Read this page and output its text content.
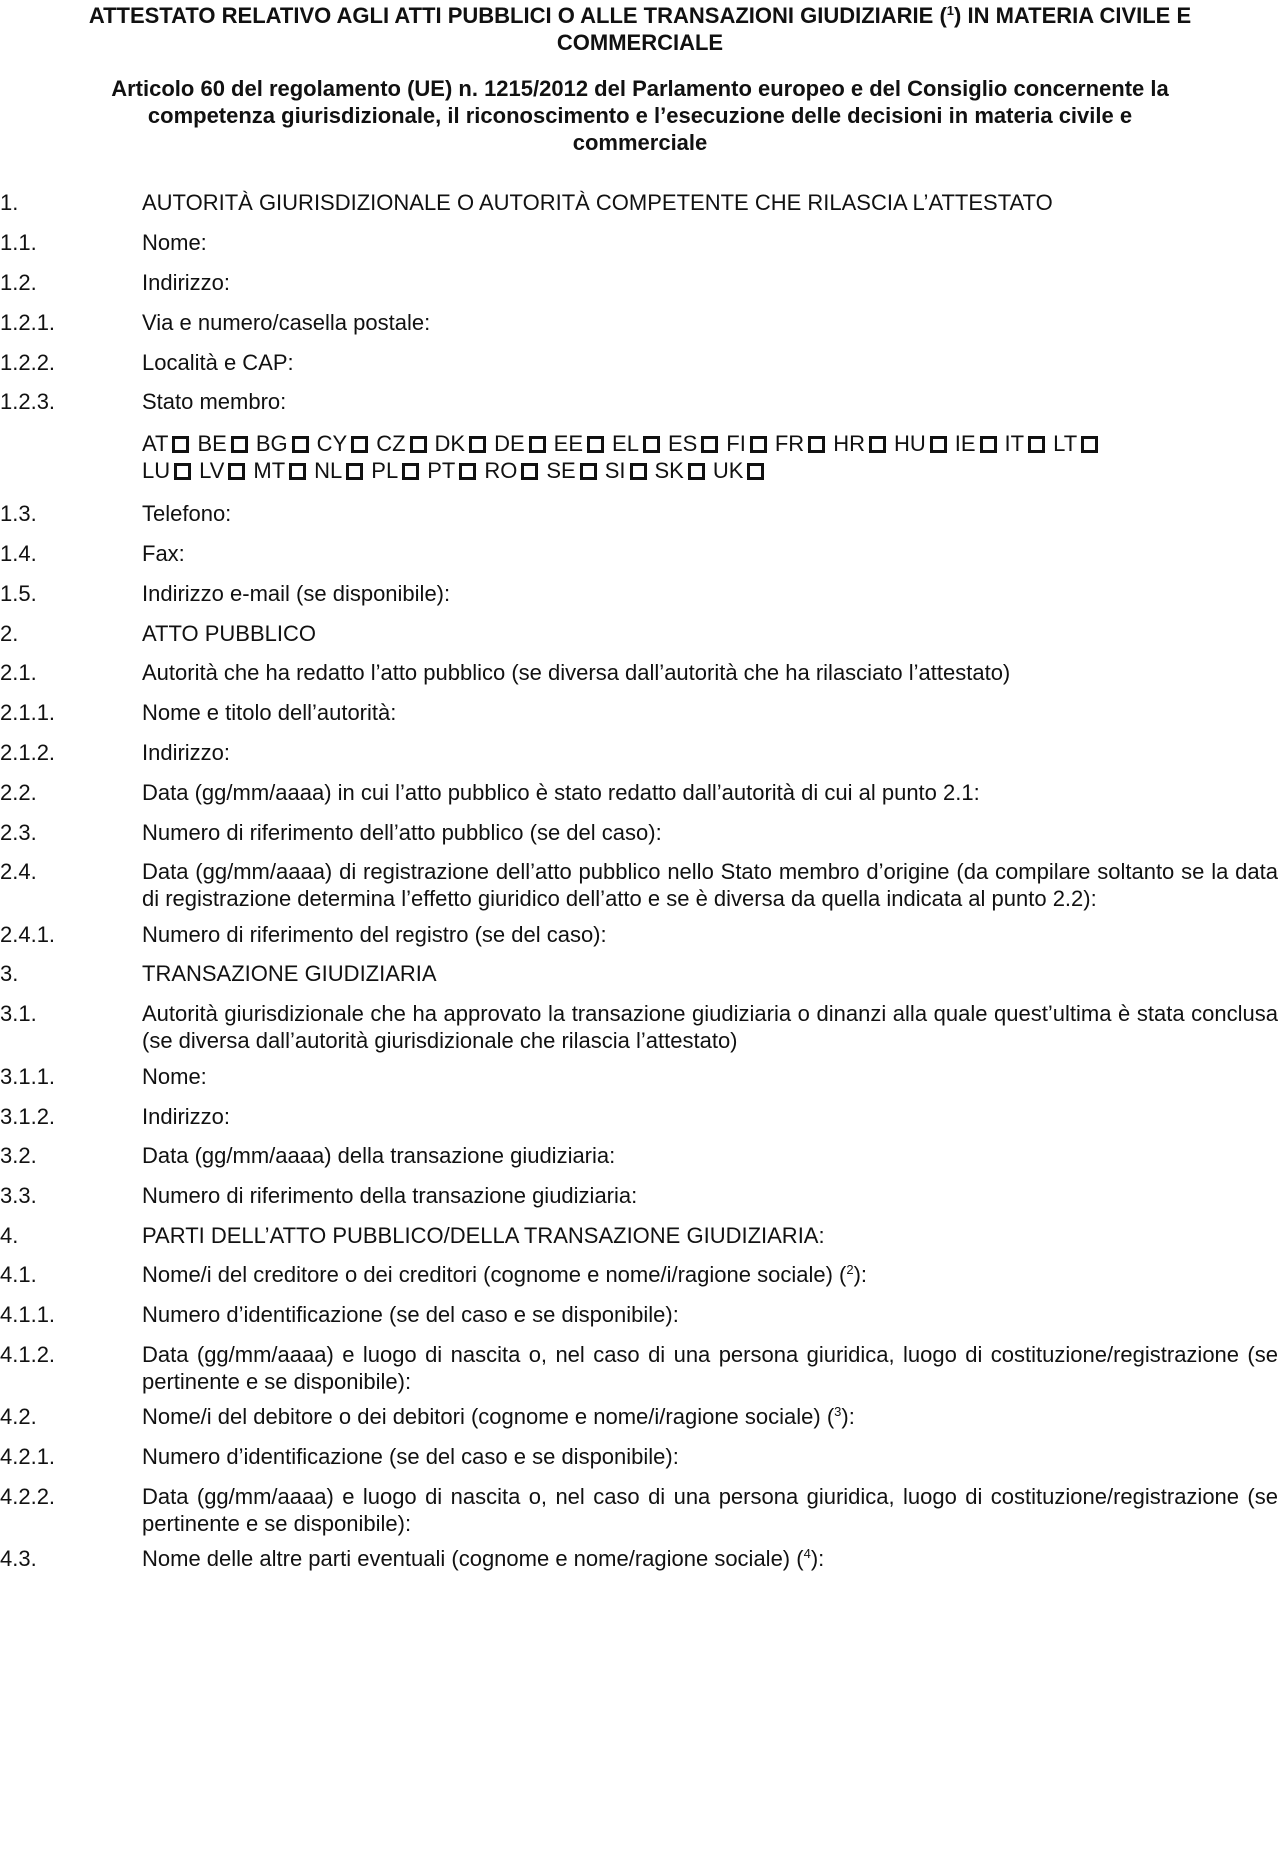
ATTESTATO RELATIVO AGLI ATTI PUBBLICI O ALLE TRANSAZIONI GIUDIZIARIE ($^1$) IN MATERIA CIVILE E COMMERCIALE
Articolo 60 del regolamento (UE) n. 1215/2012 del Parlamento europeo e del Consiglio concernente la competenza giurisdizionale, il riconoscimento e l’esecuzione delle decisioni in materia civile e commerciale
1.	AUTORITÀ GIURISDIZIONALE O AUTORITÀ COMPETENTE CHE RILASCIA L’ATTESTATO
1.1.	Nome:
1.2.	Indirizzo:
1.2.1.	Via e numero/casella postale:
1.2.2.	Località e CAP:
1.2.3.	Stato membro:
1.3.	Telefono:
1.4.	Fax:
1.5.	Indirizzo e-mail (se disponibile):
2.	ATTO PUBBLICO
2.1.	Autorità che ha redatto l’atto pubblico (se diversa dall’autorità che ha rilasciato l’attestato)
2.1.1.	Nome e titolo dell’autorità:
2.1.2.	Indirizzo:
2.2.	Data (gg/mm/aaaa) in cui l’atto pubblico è stato redatto dall’autorità di cui al punto 2.1:
2.3.	Numero di riferimento dell’atto pubblico (se del caso):
2.4.	Data (gg/mm/aaaa) di registrazione dell’atto pubblico nello Stato membro d’origine (da compilare soltanto se la data di registrazione determina l’effetto giuridico dell’atto e se è diversa da quella indicata al punto 2.2):
2.4.1.	Numero di riferimento del registro (se del caso):
3.	TRANSAZIONE GIUDIZIARIA
3.1.	Autorità giurisdizionale che ha approvato la transazione giudiziaria o dinanzi alla quale quest’ultima è stata conclusa (se diversa dall’autorità giurisdizionale che rilascia l’attestato)
3.1.1.	Nome:
3.1.2.	Indirizzo:
3.2.	Data (gg/mm/aaaa) della transazione giudiziaria:
3.3.	Numero di riferimento della transazione giudiziaria:
4.	PARTI DELL’ATTO PUBBLICO/DELLA TRANSAZIONE GIUDIZIARIA:
4.1.	Nome/i del creditore o dei creditori (cognome e nome/i/ragione sociale) ($^2$):
4.1.1.	Numero d’identificazione (se del caso e se disponibile):
4.1.2.	Data (gg/mm/aaaa) e luogo di nascita o, nel caso di una persona giuridica, luogo di costituzione/registrazione (se pertinente e se disponibile):
4.2.	Nome/i del debitore o dei debitori (cognome e nome/i/ragione sociale) ($^3$):
4.2.1.	Numero d’identificazione (se del caso e se disponibile):
4.2.2.	Data (gg/mm/aaaa) e luogo di nascita o, nel caso di una persona giuridica, luogo di costituzione/registrazione (se pertinente e se disponibile):
4.3.	Nome delle altre parti eventuali (cognome e nome/ragione sociale) ($^4$):
AT BE BG CY CZ DK DE EE EL ES FI FR HR HU IE IT LT
LU LV MT NL PL PT RO SE SI SK UK
